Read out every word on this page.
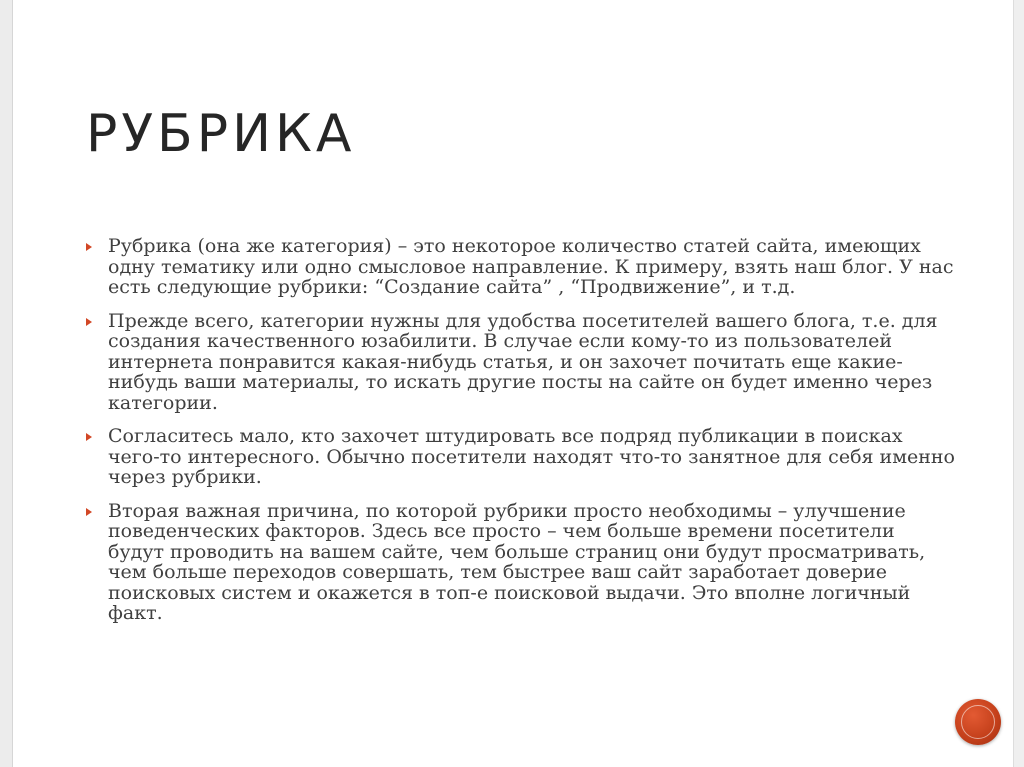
РУБРИКА
Рубрика (она же категория) – это некоторое количество статей сайта, имеющих одну тематику или одно смысловое направление. К примеру, взять наш блог. У нас есть следующие рубрики: “Создание сайта” , “Продвижение”, и т.д.
Прежде всего, категории нужны для удобства посетителей вашего блога, т.е. для создания качественного юзабилити. В случае если кому-то из пользователей интернета понравится какая-нибудь статья, и он захочет почитать еще какие-нибудь ваши материалы, то искать другие посты на сайте он будет именно через категории.
Согласитесь мало, кто захочет штудировать все подряд публикации в поисках чего-то интересного. Обычно посетители находят что-то занятное для себя именно через рубрики.
Вторая важная причина, по которой рубрики просто необходимы – улучшение поведенческих факторов. Здесь все просто – чем больше времени посетители будут проводить на вашем сайте, чем больше страниц они будут просматривать, чем больше переходов совершать, тем быстрее ваш сайт заработает доверие поисковых систем и окажется в топ-е поисковой выдачи. Это вполне логичный факт.
